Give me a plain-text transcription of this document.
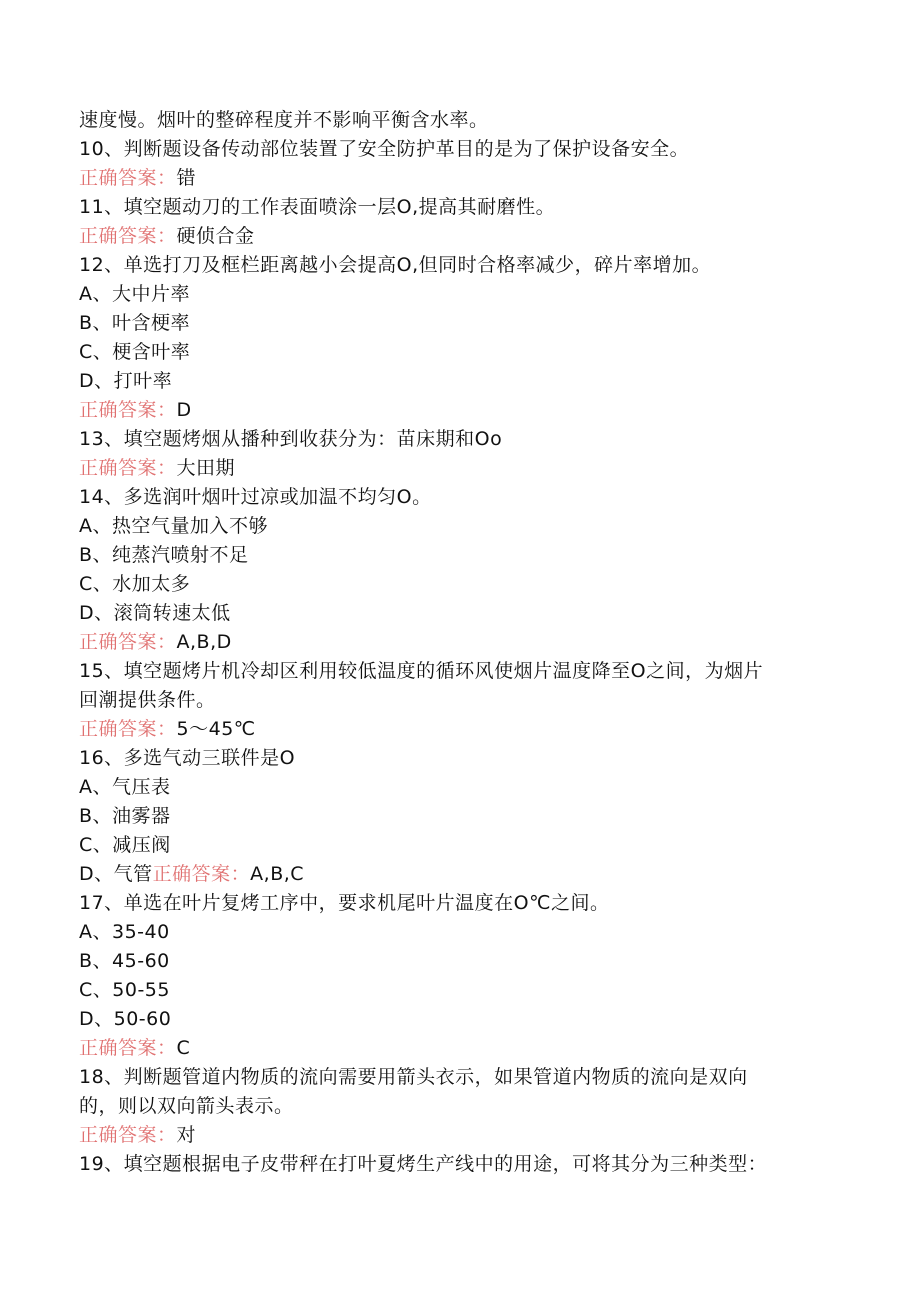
速度慢。烟叶的整碎程度并不影响平衡含水率。
10、判断题设备传动部位装置了安全防护革目的是为了保护设备安全。
正确答案：错
11、填空题动刀的工作表面喷涂一层O,提高其耐磨性。
正确答案：硬侦合金
12、单选打刀及框栏距离越小会提高O,但同时合格率减少，碎片率增加。
A、大中片率
B、叶含梗率
C、梗含叶率
D、打叶率
正确答案：D
13、填空题烤烟从播种到收获分为：苗床期和Oo
正确答案：大田期
14、多选润叶烟叶过凉或加温不均匀O。
A、热空气量加入不够
B、纯蒸汽喷射不足
C、水加太多
D、滚筒转速太低
正确答案：A,B,D
15、填空题烤片机冷却区利用较低温度的循环风使烟片温度降至O之间，为烟片
回潮提供条件。
正确答案：5〜45℃
16、多选气动三联件是O
A、气压表
B、油雾器
C、减压阀
D、气管正确答案：A,B,C
17、单选在叶片复烤工序中，要求机尾叶片温度在O℃之间。
A、35-40
B、45-60
C、50-55
D、50-60
正确答案：C
18、判断题管道内物质的流向需要用箭头衣示，如果管道内物质的流向是双向
的，则以双向箭头表示。
正确答案：对
19、填空题根据电子皮带秤在打叶夏烤生产线中的用途，可将其分为三种类型：
